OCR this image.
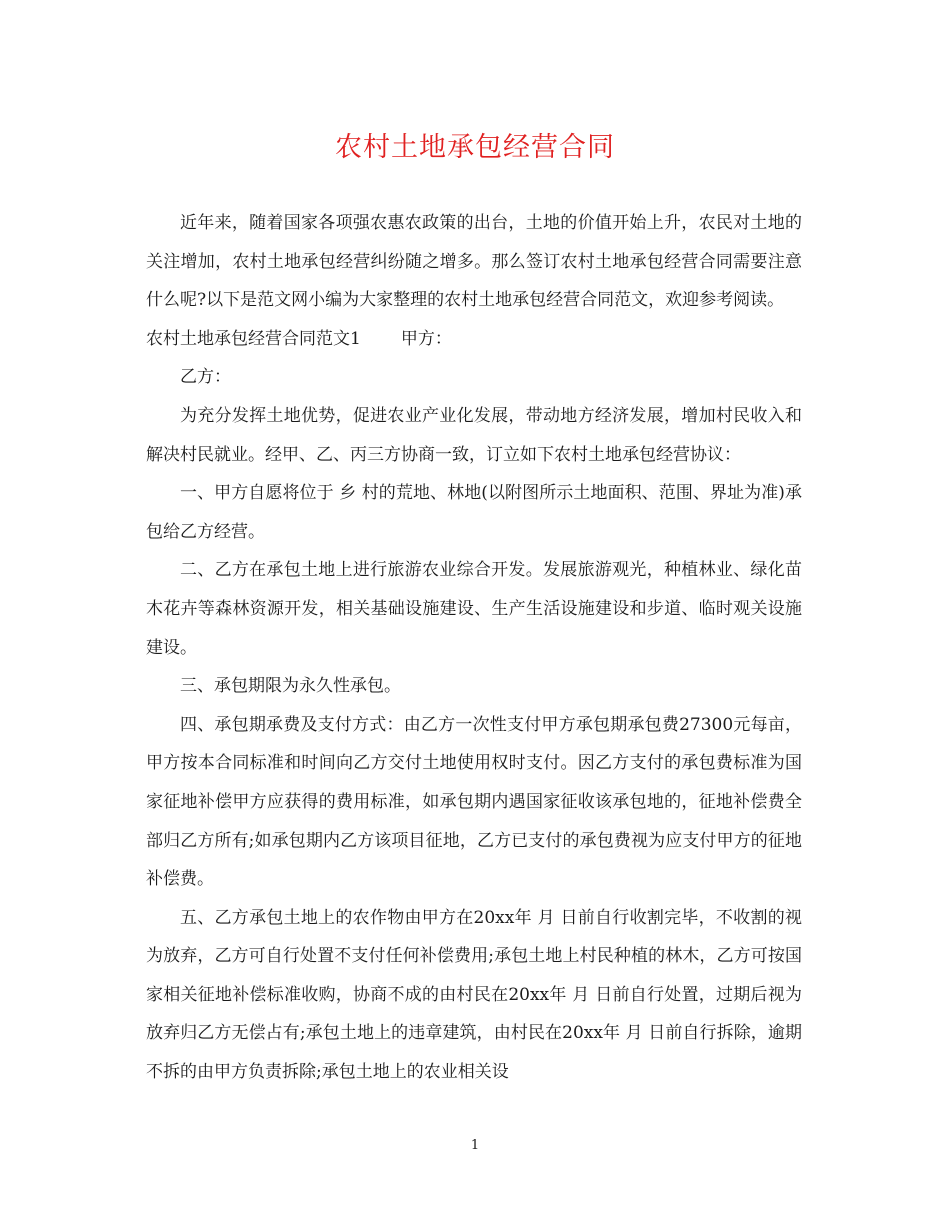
农村土地承包经营合同

近年来，随着国家各项强农惠农政策的出台，土地的价值开始上升，农民对土地的关注增加，农村土地承包经营纠纷随之增多。那么签订农村土地承包经营合同需要注意什么呢?以下是范文网小编为大家整理的农村土地承包经营合同范文，欢迎参考阅读。

农村土地承包经营合同范文1 甲方：

乙方：

为充分发挥土地优势，促进农业产业化发展，带动地方经济发展，增加村民收入和解决村民就业。经甲、乙、丙三方协商一致，订立如下农村土地承包经营协议：

一、甲方自愿将位于 乡 村的荒地、林地(以附图所示土地面积、范围、界址为准)承包给乙方经营。

二、乙方在承包土地上进行旅游农业综合开发。发展旅游观光，种植林业、绿化苗木花卉等森林资源开发，相关基础设施建设、生产生活设施建设和步道、临时观关设施建设。

三、承包期限为永久性承包。

四、承包期承费及支付方式：由乙方一次性支付甲方承包期承包费27300元每亩，甲方按本合同标准和时间向乙方交付土地使用权时支付。因乙方支付的承包费标准为国家征地补偿甲方应获得的费用标准，如承包期内遇国家征收该承包地的，征地补偿费全部归乙方所有;如承包期内乙方该项目征地，乙方已支付的承包费视为应支付甲方的征地补偿费。

五、乙方承包土地上的农作物由甲方在20xx年 月 日前自行收割完毕，不收割的视为放弃，乙方可自行处置不支付任何补偿费用;承包土地上村民种植的林木，乙方可按国家相关征地补偿标准收购，协商不成的由村民在20xx年 月 日前自行处置，过期后视为放弃归乙方无偿占有;承包土地上的违章建筑，由村民在20xx年 月 日前自行拆除，逾期不拆的由甲方负责拆除;承包土地上的农业相关设

1
